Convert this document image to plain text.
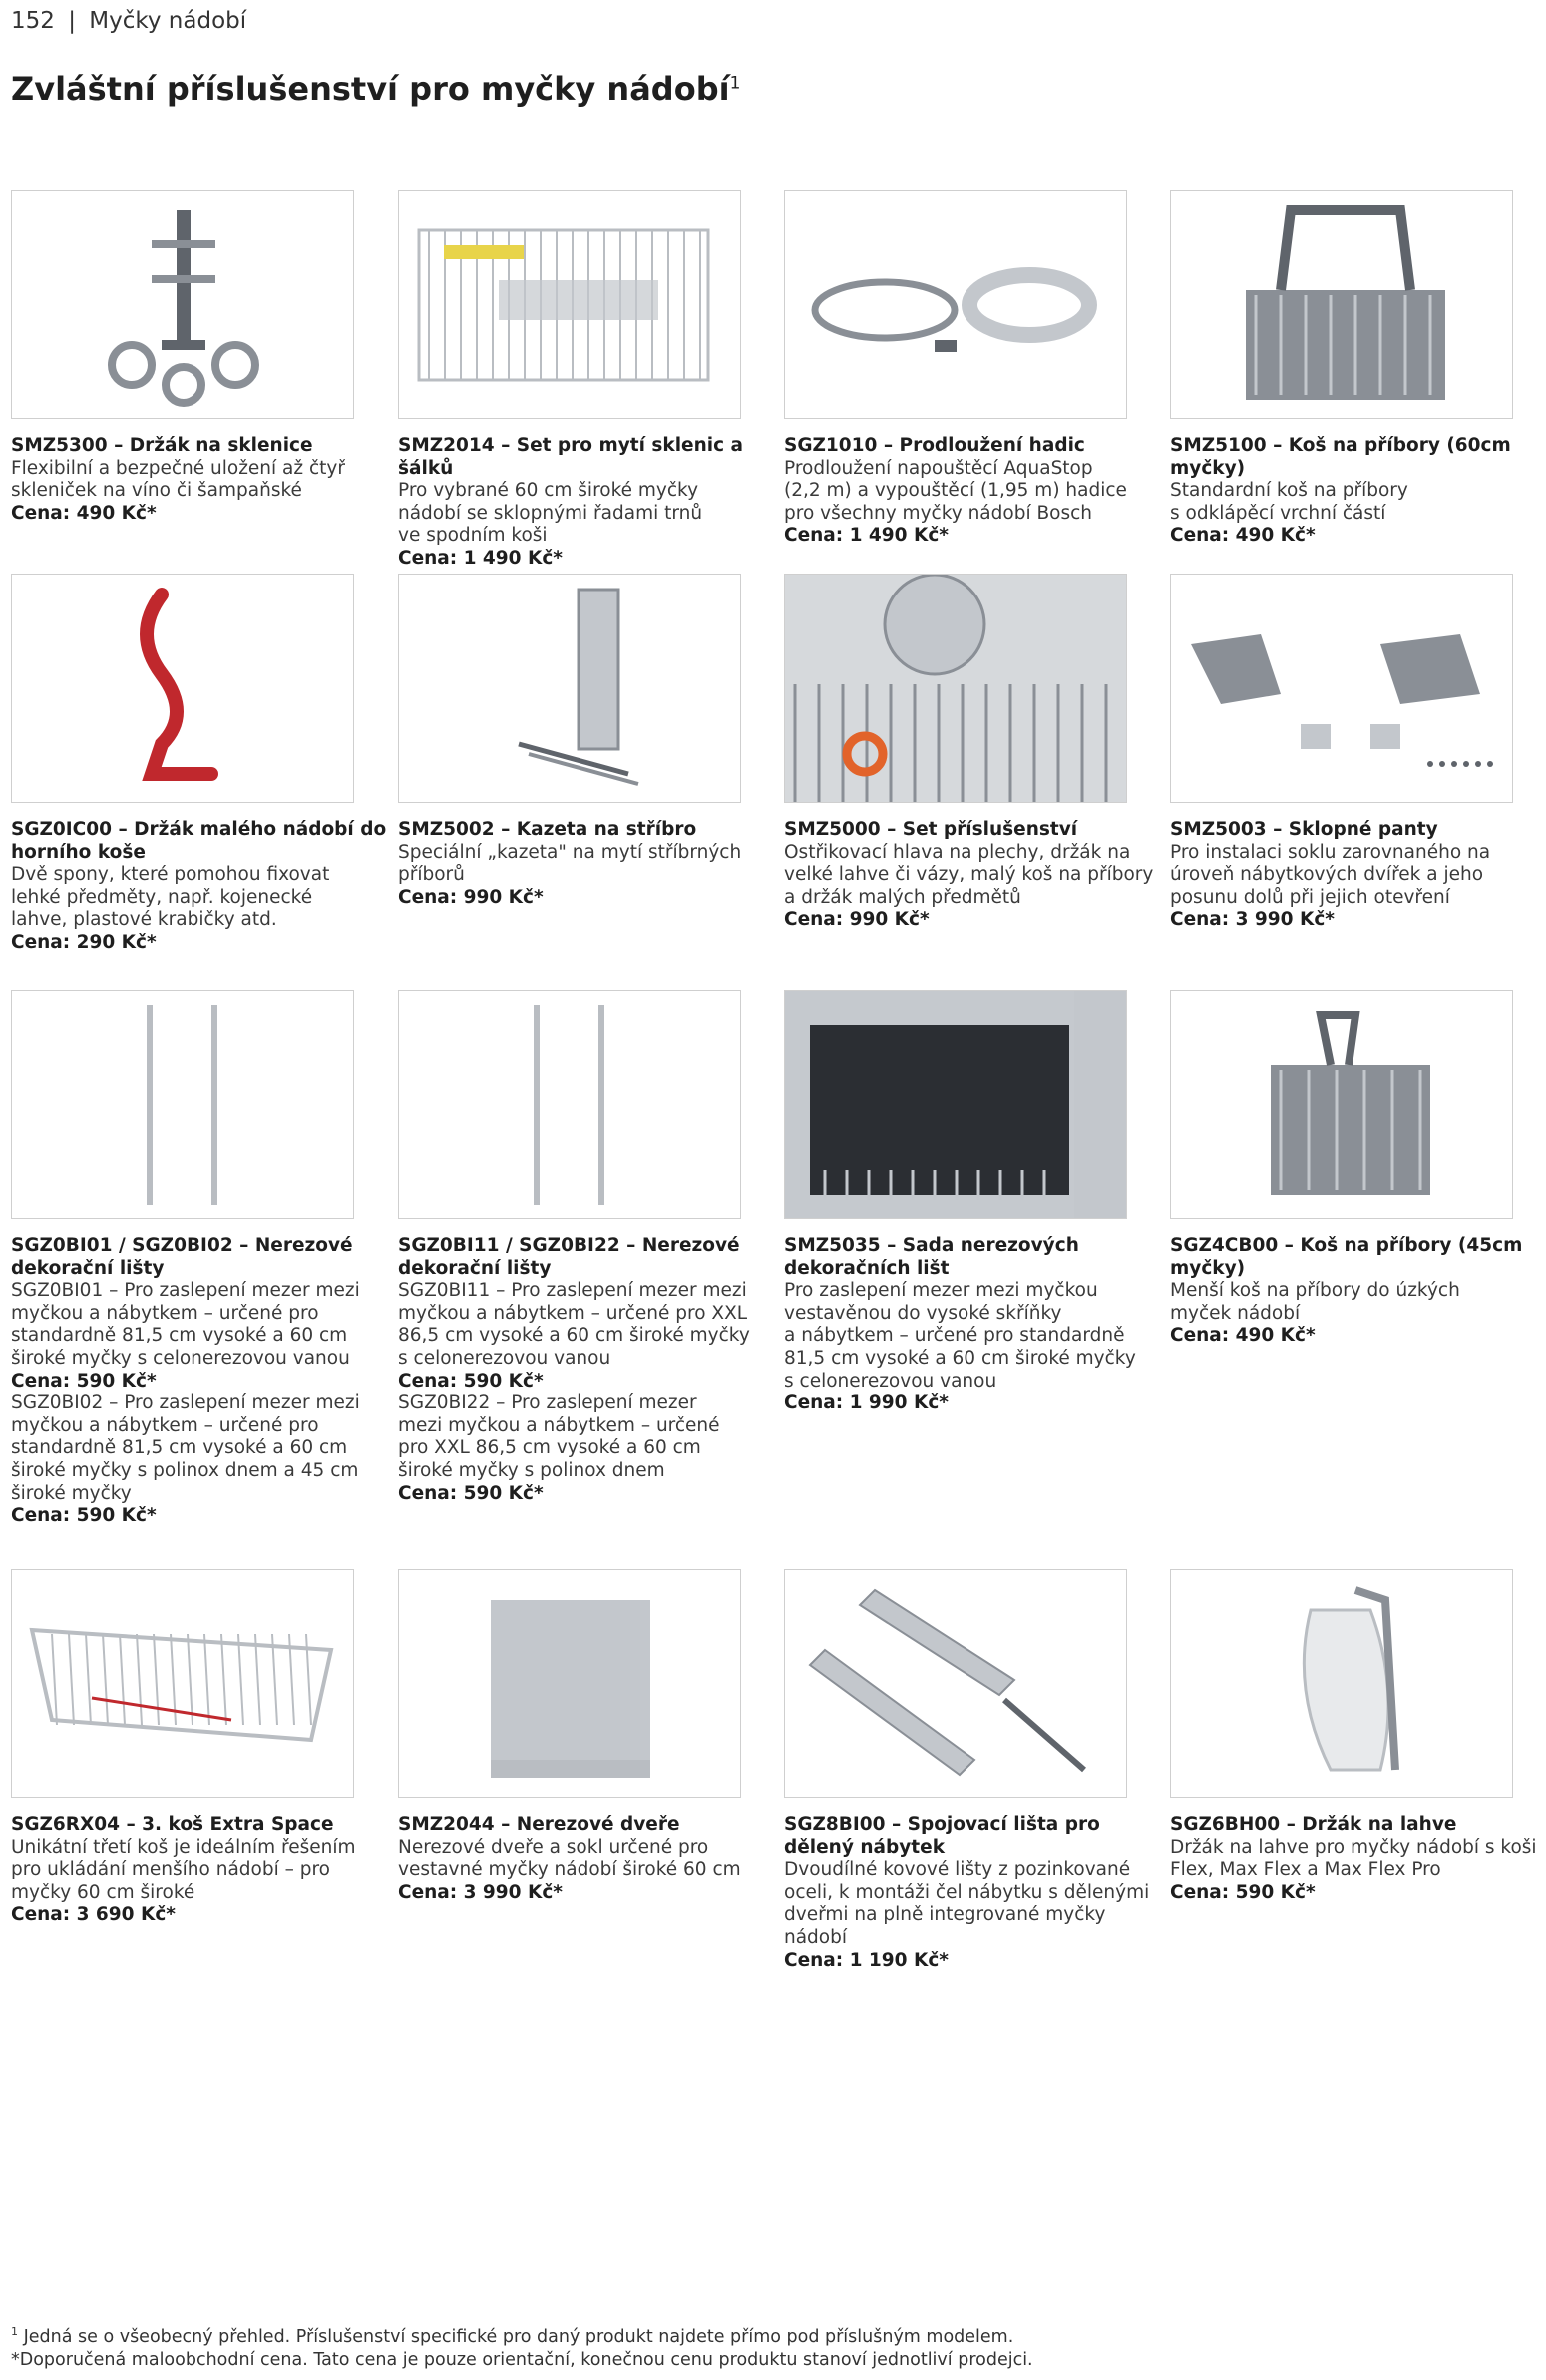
152 | Myčky nádobí
Zvláštní příslušenství pro myčky nádobí$^1$
SMZ5300 – Držák na sklenice
Flexibilní a bezpečné uložení až čtyř
skleniček na víno či šampaňské
Cena: 490 Kč*
SMZ2014 – Set pro mytí sklenic a šálků
Pro vybrané 60 cm široké myčky
nádobí se sklopnými řadami trnů
ve spodním koši
Cena: 1 490 Kč*
SGZ1010 – Prodloužení hadic
Prodloužení napouštěcí AquaStop
(2,2 m) a vypouštěcí (1,95 m) hadice
pro všechny myčky nádobí Bosch
Cena: 1 490 Kč*
SMZ5100 – Koš na příbory (60cm myčky)
Standardní koš na příbory
s odklápěcí vrchní částí
Cena: 490 Kč*
SGZ0IC00 – Držák malého nádobí do horního koše
Dvě spony, které pomohou fixovat
lehké předměty, např. kojenecké
lahve, plastové krabičky atd.
Cena: 290 Kč*
SMZ5002 – Kazeta na stříbro
Speciální „kazeta" na mytí stříbrných
příborů
Cena: 990 Kč*
SMZ5000 – Set příslušenství
Ostřikovací hlava na plechy, držák na
velké lahve či vázy, malý koš na příbory
a držák malých předmětů
Cena: 990 Kč*
SMZ5003 – Sklopné panty
Pro instalaci soklu zarovnaného na
úroveň nábytkových dvířek a jeho
posunu dolů při jejich otevření
Cena: 3 990 Kč*
SGZ0BI01 / SGZ0BI02 – Nerezové dekorační lišty
SGZ0BI01 – Pro zaslepení mezer mezi
myčkou a nábytkem – určené pro
standardně 81,5 cm vysoké a 60 cm
široké myčky s celonerezovou vanou
Cena: 590 Kč*
SGZ0BI02 – Pro zaslepení mezer mezi
myčkou a nábytkem – určené pro
standardně 81,5 cm vysoké a 60 cm
široké myčky s polinox dnem a 45 cm
široké myčky
Cena: 590 Kč*
SGZ0BI11 / SGZ0BI22 – Nerezové dekorační lišty
SGZ0BI11 – Pro zaslepení mezer mezi
myčkou a nábytkem – určené pro XXL
86,5 cm vysoké a 60 cm široké myčky
s celonerezovou vanou
Cena: 590 Kč*
SGZ0BI22 – Pro zaslepení mezer
mezi myčkou a nábytkem – určené
pro XXL 86,5 cm vysoké a 60 cm
široké myčky s polinox dnem
Cena: 590 Kč*
SMZ5035 – Sada nerezových dekoračních lišt
Pro zaslepení mezer mezi myčkou
vestavěnou do vysoké skříňky
a nábytkem – určené pro standardně
81,5 cm vysoké a 60 cm široké myčky
s celonerezovou vanou
Cena: 1 990 Kč*
SGZ4CB00 – Koš na příbory (45cm myčky)
Menší koš na příbory do úzkých
myček nádobí
Cena: 490 Kč*
SGZ6RX04 – 3. koš Extra Space
Unikátní třetí koš je ideálním řešením
pro ukládání menšího nádobí – pro
myčky 60 cm široké
Cena: 3 690 Kč*
SMZ2044 – Nerezové dveře
Nerezové dveře a sokl určené pro
vestavné myčky nádobí široké 60 cm
Cena: 3 990 Kč*
SGZ8BI00 – Spojovací lišta pro dělený nábytek
Dvoudílné kovové lišty z pozinkované
oceli, k montáži čel nábytku s dělenými
dveřmi na plně integrované myčky
nádobí
Cena: 1 190 Kč*
SGZ6BH00 – Držák na lahve
Držák na lahve pro myčky nádobí s koši
Flex, Max Flex a Max Flex Pro
Cena: 590 Kč*
$^1$ Jedná se o všeobecný přehled. Příslušenství specifické pro daný produkt najdete přímo pod příslušným modelem.
*Doporučená maloobchodní cena. Tato cena je pouze orientační, konečnou cenu produktu stanoví jednotliví prodejci.
